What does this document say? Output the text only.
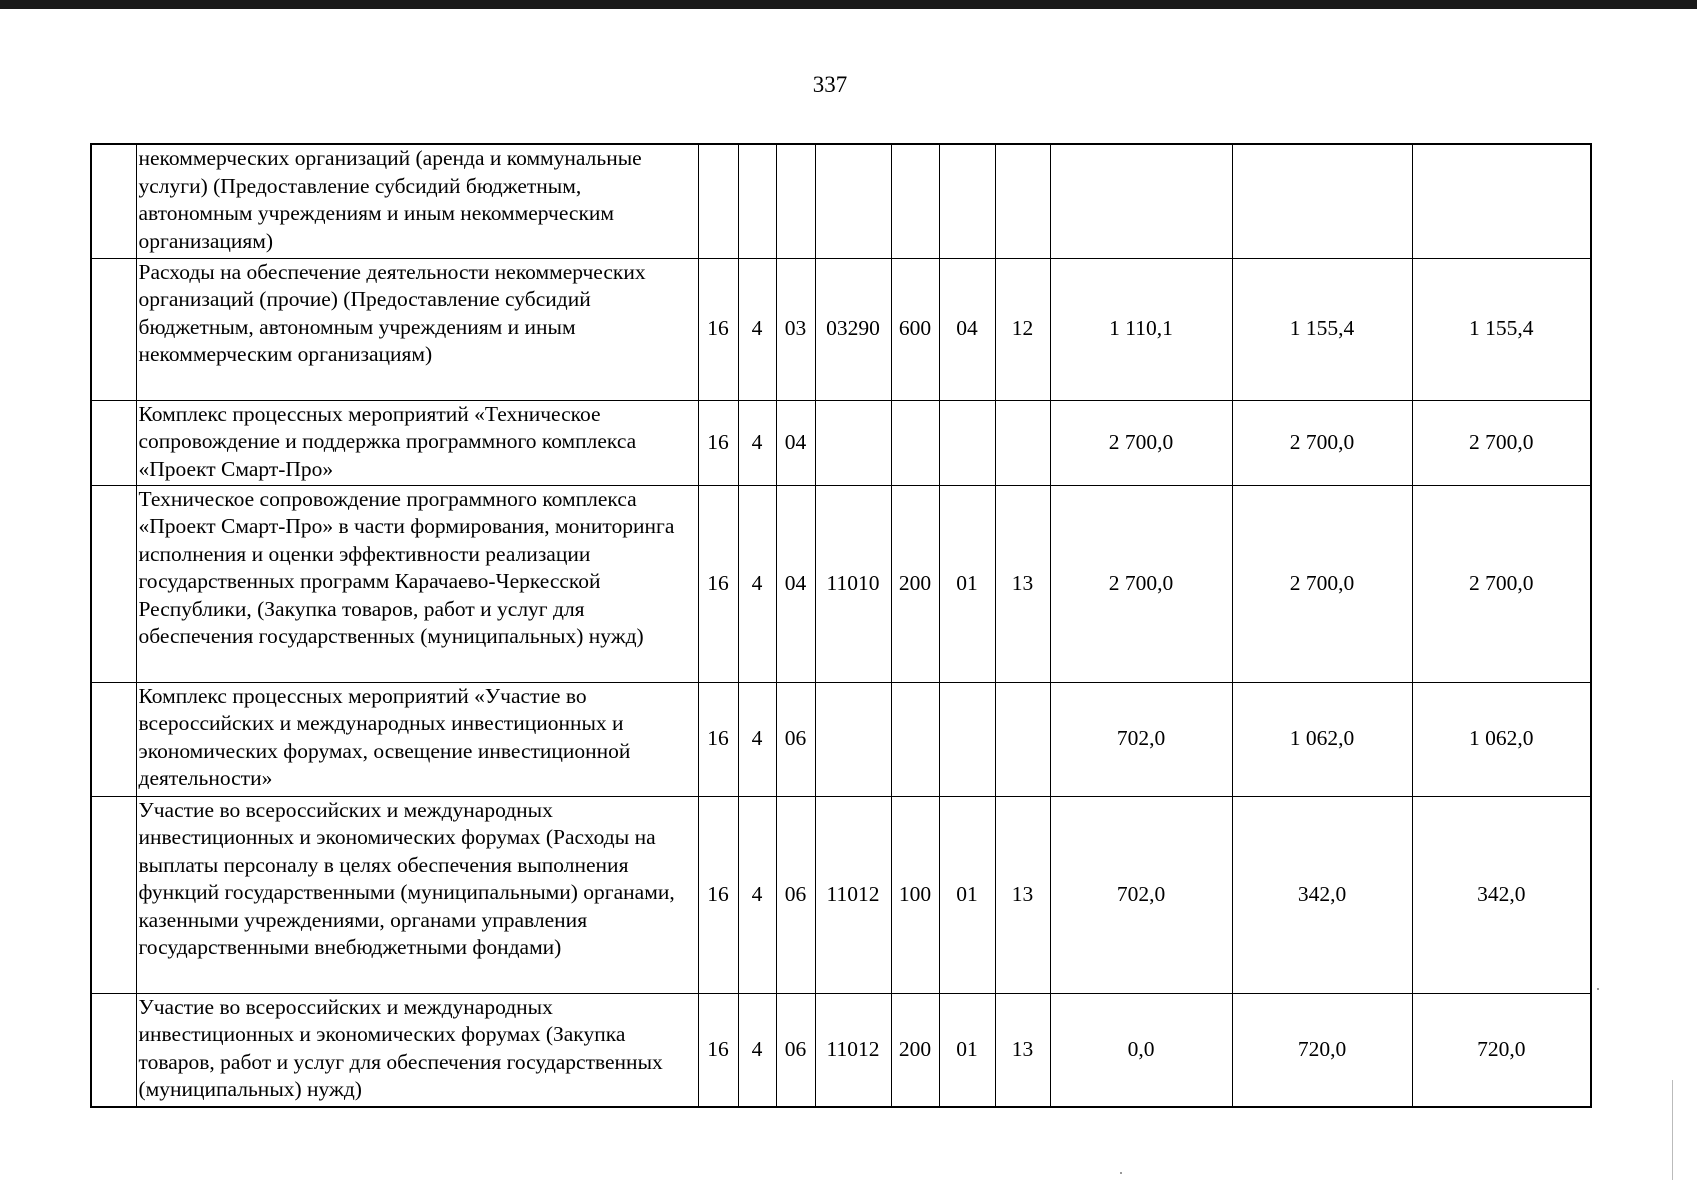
337
	некоммерческих организаций (аренда и коммунальные услуги) (Предоставление субсидий бюджетным, автономным учреждениям и иным некоммерческим организациям)										
	Расходы на обеспечение деятельности некоммерческих организаций (прочие) (Предоставление субсидий бюджетным, автономным учреждениям и иным некоммерческим организациям)	16	4	03	03290	600	04	12	1 110,1	1 155,4	1 155,4
	Комплекс процессных мероприятий «Техническое сопровождение и поддержка программного комплекса «Проект Смарт-Про»	16	4	04					2 700,0	2 700,0	2 700,0
	Техническое сопровождение программного комплекса «Проект Смарт-Про» в части формирования, мониторинга исполнения и оценки эффективности реализации государственных программ Карачаево-Черкесской Республики, (Закупка товаров, работ и услуг для обеспечения государственных (муниципальных) нужд)	16	4	04	11010	200	01	13	2 700,0	2 700,0	2 700,0
	Комплекс процессных мероприятий «Участие во всероссийских и международных инвестиционных и экономических форумах, освещение инвестиционной деятельности»	16	4	06					702,0	1 062,0	1 062,0
	Участие во всероссийских и международных инвестиционных и экономических форумах (Расходы на выплаты персоналу в целях обеспечения выполнения функций государственными (муниципальными) органами, казенными учреждениями, органами управления государственными внебюджетными фондами)	16	4	06	11012	100	01	13	702,0	342,0	342,0
	Участие во всероссийских и международных инвестиционных и экономических форумах (Закупка товаров, работ и услуг для обеспечения государственных (муниципальных) нужд)	16	4	06	11012	200	01	13	0,0	720,0	720,0
